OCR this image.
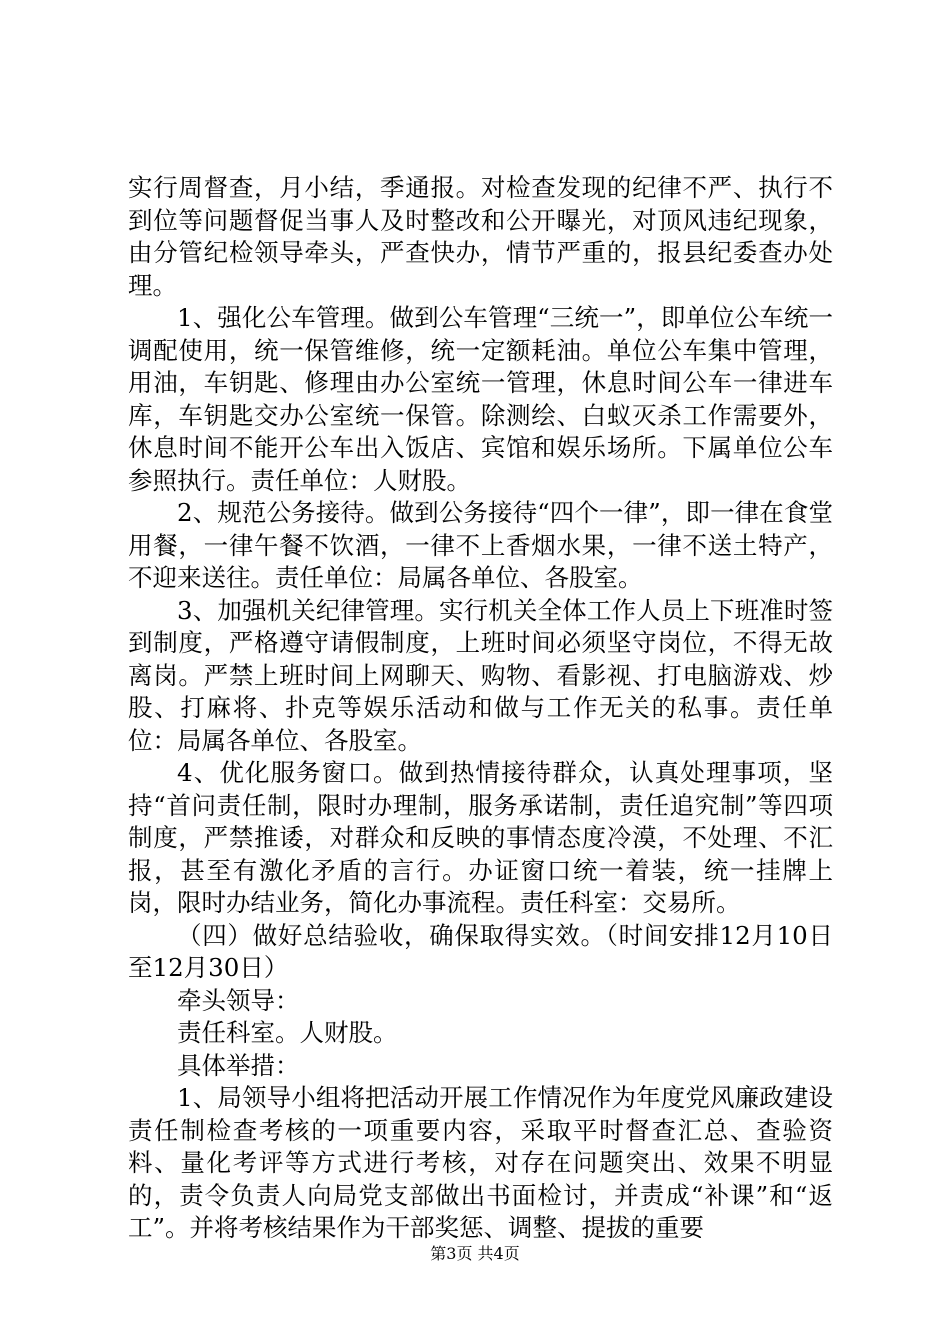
实行周督查，月小结，季通报。对检查发现的纪律不严、执行不到位等问题督促当事人及时整改和公开曝光，对顶风违纪现象，由分管纪检领导牵头，严查快办，情节严重的，报县纪委查办处理。

1、强化公车管理。做到公车管理“三统一”，即单位公车统一调配使用，统一保管维修，统一定额耗油。单位公车集中管理，用油，车钥匙、修理由办公室统一管理，休息时间公车一律进车库，车钥匙交办公室统一保管。除测绘、白蚁灭杀工作需要外，休息时间不能开公车出入饭店、宾馆和娱乐场所。下属单位公车参照执行。责任单位：人财股。

2、规范公务接待。做到公务接待“四个一律”，即一律在食堂用餐，一律午餐不饮酒，一律不上香烟水果，一律不送土特产，不迎来送往。责任单位：局属各单位、各股室。

3、加强机关纪律管理。实行机关全体工作人员上下班准时签到制度，严格遵守请假制度，上班时间必须坚守岗位，不得无故离岗。严禁上班时间上网聊天、购物、看影视、打电脑游戏、炒股、打麻将、扑克等娱乐活动和做与工作无关的私事。责任单位：局属各单位、各股室。

4、优化服务窗口。做到热情接待群众，认真处理事项，坚持“首问责任制，限时办理制，服务承诺制，责任追究制”等四项制度，严禁推诿，对群众和反映的事情态度冷漠，不处理、不汇报，甚至有激化矛盾的言行。办证窗口统一着装，统一挂牌上岗，限时办结业务，简化办事流程。责任科室：交易所。

（四）做好总结验收，确保取得实效。（时间安排12月10日至12月30日）

牵头领导：

责任科室。人财股。

具体举措：

1、局领导小组将把活动开展工作情况作为年度党风廉政建设责任制检查考核的一项重要内容，采取平时督查汇总、查验资料、量化考评等方式进行考核，对存在问题突出、效果不明显的，责令负责人向局党支部做出书面检讨，并责成“补课”和“返工”。并将考核结果作为干部奖惩、调整、提拔的重要

第3页 共4页
